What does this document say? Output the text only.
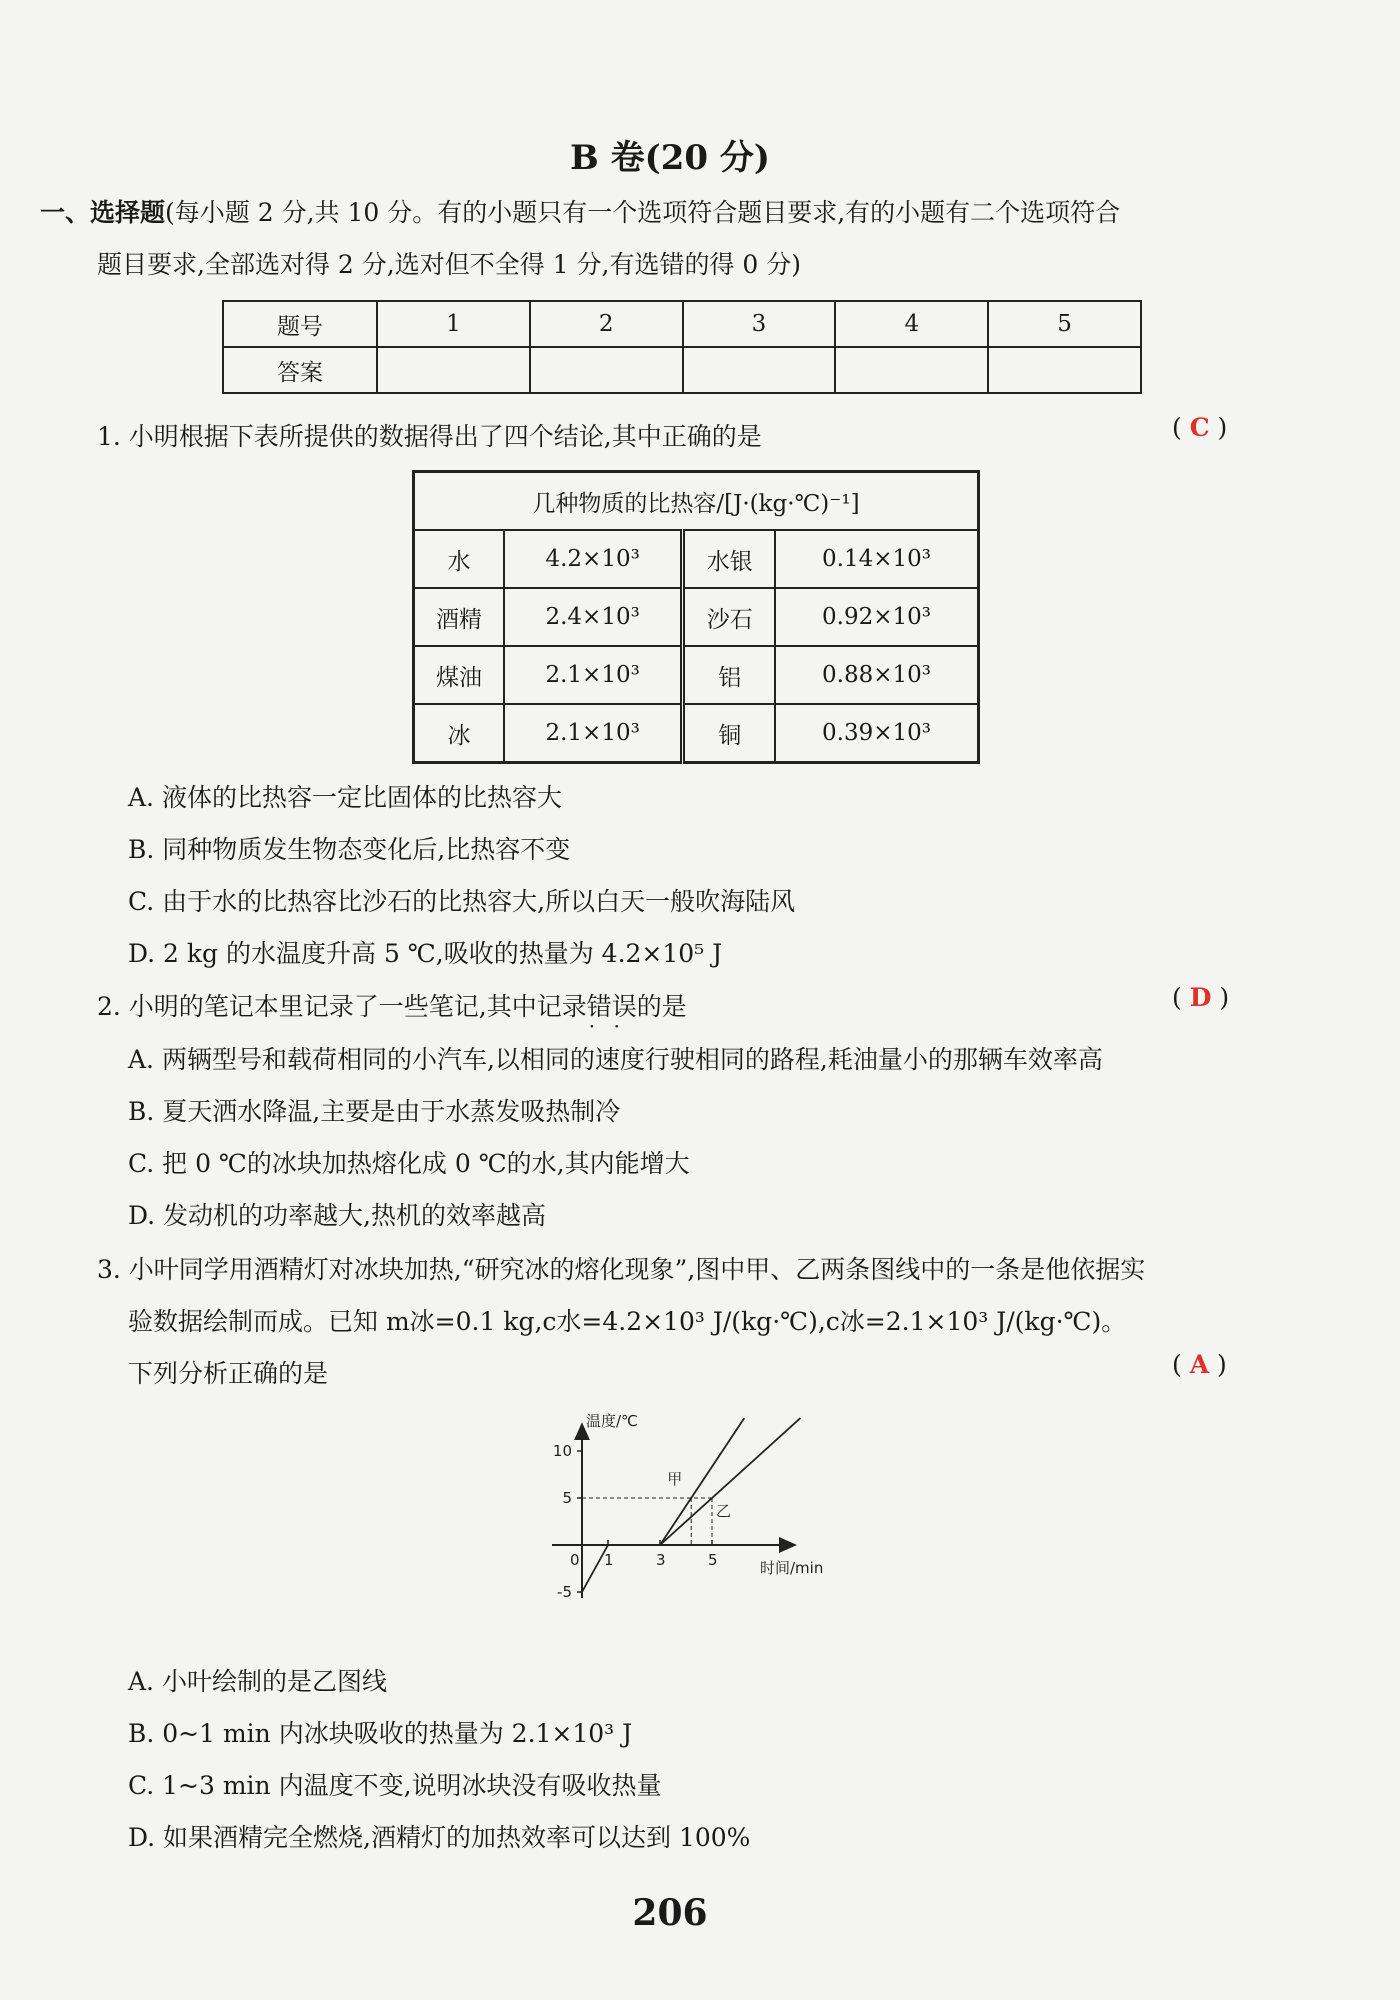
B 卷(20 分)
一、选择题(每小题 2 分,共 10 分。有的小题只有一个选项符合题目要求,有的小题有二个选项符合
题目要求,全部选对得 2 分,选对但不全得 1 分,有选错的得 0 分)
题号	1	2	3	4	5
答案					
1. 小明根据下表所提供的数据得出了四个结论,其中正确的是	( C )
几种物质的比热容/[J·(kg·℃)⁻¹]			
水	4.2×10³	水银	0.14×10³
酒精	2.4×10³	沙石	0.92×10³
煤油	2.1×10³	铝	0.88×10³
冰	2.1×10³	铜	0.39×10³
A. 液体的比热容一定比固体的比热容大
B. 同种物质发生物态变化后,比热容不变
C. 由于水的比热容比沙石的比热容大,所以白天一般吹海陆风
D. 2 kg 的水温度升高 5 ℃,吸收的热量为 4.2×10⁵ J
2. 小明的笔记本里记录了一些笔记,其中记录错误 · ·的是	( D )
A. 两辆型号和载荷相同的小汽车,以相同的速度行驶相同的路程,耗油量小的那辆车效率高
B. 夏天洒水降温,主要是由于水蒸发吸热制冷
C. 把 0 ℃的冰块加热熔化成 0 ℃的水,其内能增大
D. 发动机的功率越大,热机的效率越高
3. 小叶同学用酒精灯对冰块加热,“研究冰的熔化现象”,图中甲、乙两条图线中的一条是他依据实
验数据绘制而成。已知 m冰=0.1 kg,c水=4.2×10³ J/(kg·℃),c冰=2.1×10³ J/(kg·℃)。
下列分析正确的是	( A )
温度/℃
时间/min
10
5
-5
0 1	3	5
甲
乙
A. 小叶绘制的是乙图线
B. 0~1 min 内冰块吸收的热量为 2.1×10³ J
C. 1~3 min 内温度不变,说明冰块没有吸收热量
D. 如果酒精完全燃烧,酒精灯的加热效率可以达到 100%
206
